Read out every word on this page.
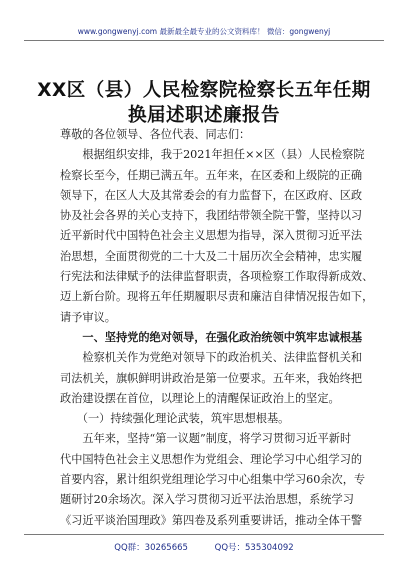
www.gongwenyj.com 最新最全最专业的公文资料库！ 微信：gongwenyj
XX区（县）人民检察院检察长五年任期
换届述职述廉报告
尊敬的各位领导、各位代表、同志们：
　　根据组织安排，我于2021年担任××区（县）人民检察院
检察长至今，任期已满五年。五年来，在区委和上级院的正确
领导下，在区人大及其常委会的有力监督下，在区政府、区政
协及社会各界的关心支持下，我团结带领全院干警，坚持以习
近平新时代中国特色社会主义思想为指导，深入贯彻习近平法
治思想，全面贯彻党的二十大及二十届历次全会精神，忠实履
行宪法和法律赋予的法律监督职责，各项检察工作取得新成效、
迈上新台阶。现将五年任期履职尽责和廉洁自律情况报告如下，
请予审议。
　　一、坚持党的绝对领导，在强化政治统领中筑牢忠诚根基
　　检察机关作为党绝对领导下的政治机关、法律监督机关和
司法机关，旗帜鲜明讲政治是第一位要求。五年来，我始终把
政治建设摆在首位，以理论上的清醒保证政治上的坚定。
　　（一）持续强化理论武装，筑牢思想根基。
　　五年来，坚持“第一议题”制度，将学习贯彻习近平新时
代中国特色社会主义思想作为党组会、理论学习中心组学习的
首要内容，累计组织党组理论学习中心组集中学习60余次，专
题研讨20余场次。深入学习贯彻习近平法治思想，系统学习
《习近平谈治国理政》第四卷及系列重要讲话，推动全体干警
QQ群：30265665	QQ号：535304092
